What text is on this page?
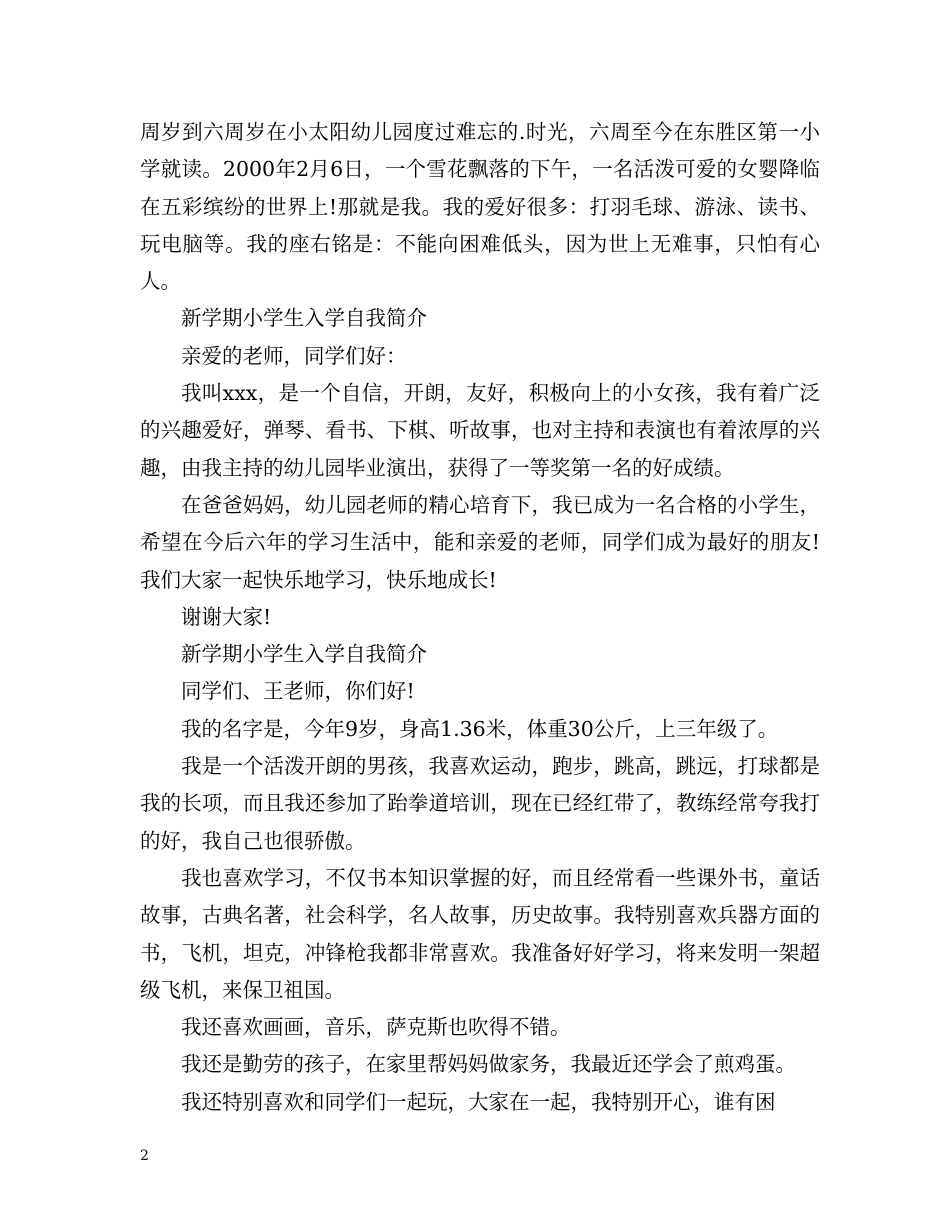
周岁到六周岁在小太阳幼儿园度过难忘的.时光，六周至今在东胜区第一小学就读。2000年2月6日，一个雪花飘落的下午，一名活泼可爱的女婴降临在五彩缤纷的世界上!那就是我。我的爱好很多：打羽毛球、游泳、读书、玩电脑等。我的座右铭是：不能向困难低头，因为世上无难事，只怕有心人。

新学期小学生入学自我简介

亲爱的老师，同学们好：

我叫xxx，是一个自信，开朗，友好，积极向上的小女孩，我有着广泛的兴趣爱好，弹琴、看书、下棋、听故事，也对主持和表演也有着浓厚的兴趣，由我主持的幼儿园毕业演出，获得了一等奖第一名的好成绩。

在爸爸妈妈，幼儿园老师的精心培育下，我已成为一名合格的小学生，希望在今后六年的学习生活中，能和亲爱的老师，同学们成为最好的朋友!我们大家一起快乐地学习，快乐地成长!

谢谢大家!

新学期小学生入学自我简介

同学们、王老师，你们好!

我的名字是，今年9岁，身高1.36米，体重30公斤，上三年级了。

我是一个活泼开朗的男孩，我喜欢运动，跑步，跳高，跳远，打球都是我的长项，而且我还参加了跆拳道培训，现在已经红带了，教练经常夸我打的好，我自己也很骄傲。

我也喜欢学习，不仅书本知识掌握的好，而且经常看一些课外书，童话故事，古典名著，社会科学，名人故事，历史故事。我特别喜欢兵器方面的书，飞机，坦克，冲锋枪我都非常喜欢。我准备好好学习，将来发明一架超级飞机，来保卫祖国。

我还喜欢画画，音乐，萨克斯也吹得不错。

我还是勤劳的孩子，在家里帮妈妈做家务，我最近还学会了煎鸡蛋。

我还特别喜欢和同学们一起玩，大家在一起，我特别开心，谁有困

2
